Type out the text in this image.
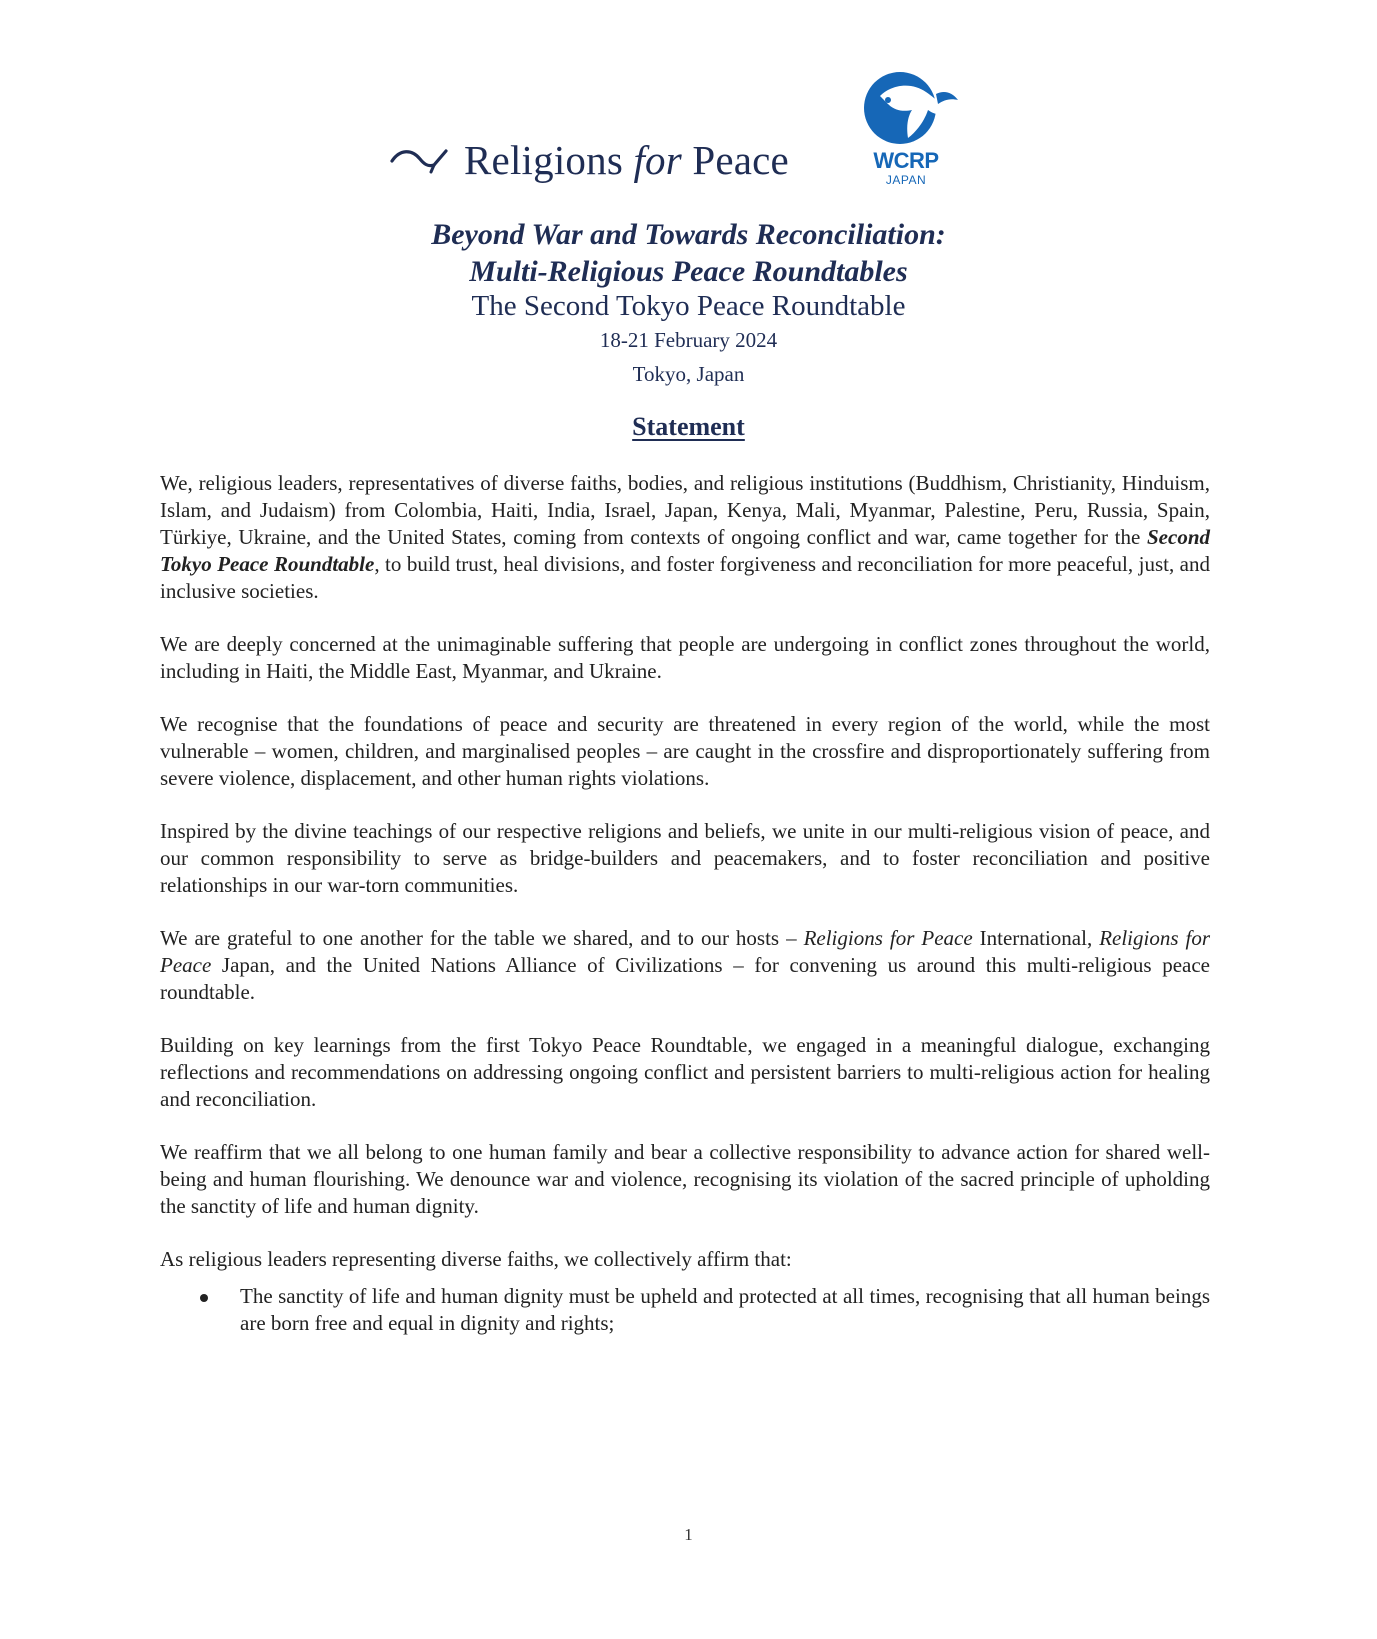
Religions for Peace	WCRP
JAPAN
Beyond War and Towards Reconciliation:
Multi-Religious Peace Roundtables
The Second Tokyo Peace Roundtable
18-21 February 2024
Tokyo, Japan
Statement

We, religious leaders, representatives of diverse faiths, bodies, and religious institutions (Buddhism, Christianity, Hinduism, Islam, and Judaism) from Colombia, Haiti, India, Israel, Japan, Kenya, Mali, Myanmar, Palestine, Peru, Russia, Spain, Türkiye, Ukraine, and the United States, coming from contexts of ongoing conflict and war, came together for the Second Tokyo Peace Roundtable, to build trust, heal divisions, and foster forgiveness and reconciliation for more peaceful, just, and inclusive societies.

We are deeply concerned at the unimaginable suffering that people are undergoing in conflict zones throughout the world, including in Haiti, the Middle East, Myanmar, and Ukraine.

We recognise that the foundations of peace and security are threatened in every region of the world, while the most vulnerable – women, children, and marginalised peoples – are caught in the crossfire and disproportionately suffering from severe violence, displacement, and other human rights violations.

Inspired by the divine teachings of our respective religions and beliefs, we unite in our multi-religious vision of peace, and our common responsibility to serve as bridge-builders and peacemakers, and to foster reconciliation and positive relationships in our war-torn communities.

We are grateful to one another for the table we shared, and to our hosts – Religions for Peace International, Religions for Peace Japan, and the United Nations Alliance of Civilizations – for convening us around this multi-religious peace roundtable.

Building on key learnings from the first Tokyo Peace Roundtable, we engaged in a meaningful dialogue, exchanging reflections and recommendations on addressing ongoing conflict and persistent barriers to multi-religious action for healing and reconciliation.

We reaffirm that we all belong to one human family and bear a collective responsibility to advance action for shared well-being and human flourishing. We denounce war and violence, recognising its violation of the sacred principle of upholding the sanctity of life and human dignity.

As religious leaders representing diverse faiths, we collectively affirm that:

The sanctity of life and human dignity must be upheld and protected at all times, recognising that all human beings are born free and equal in dignity and rights;
1
